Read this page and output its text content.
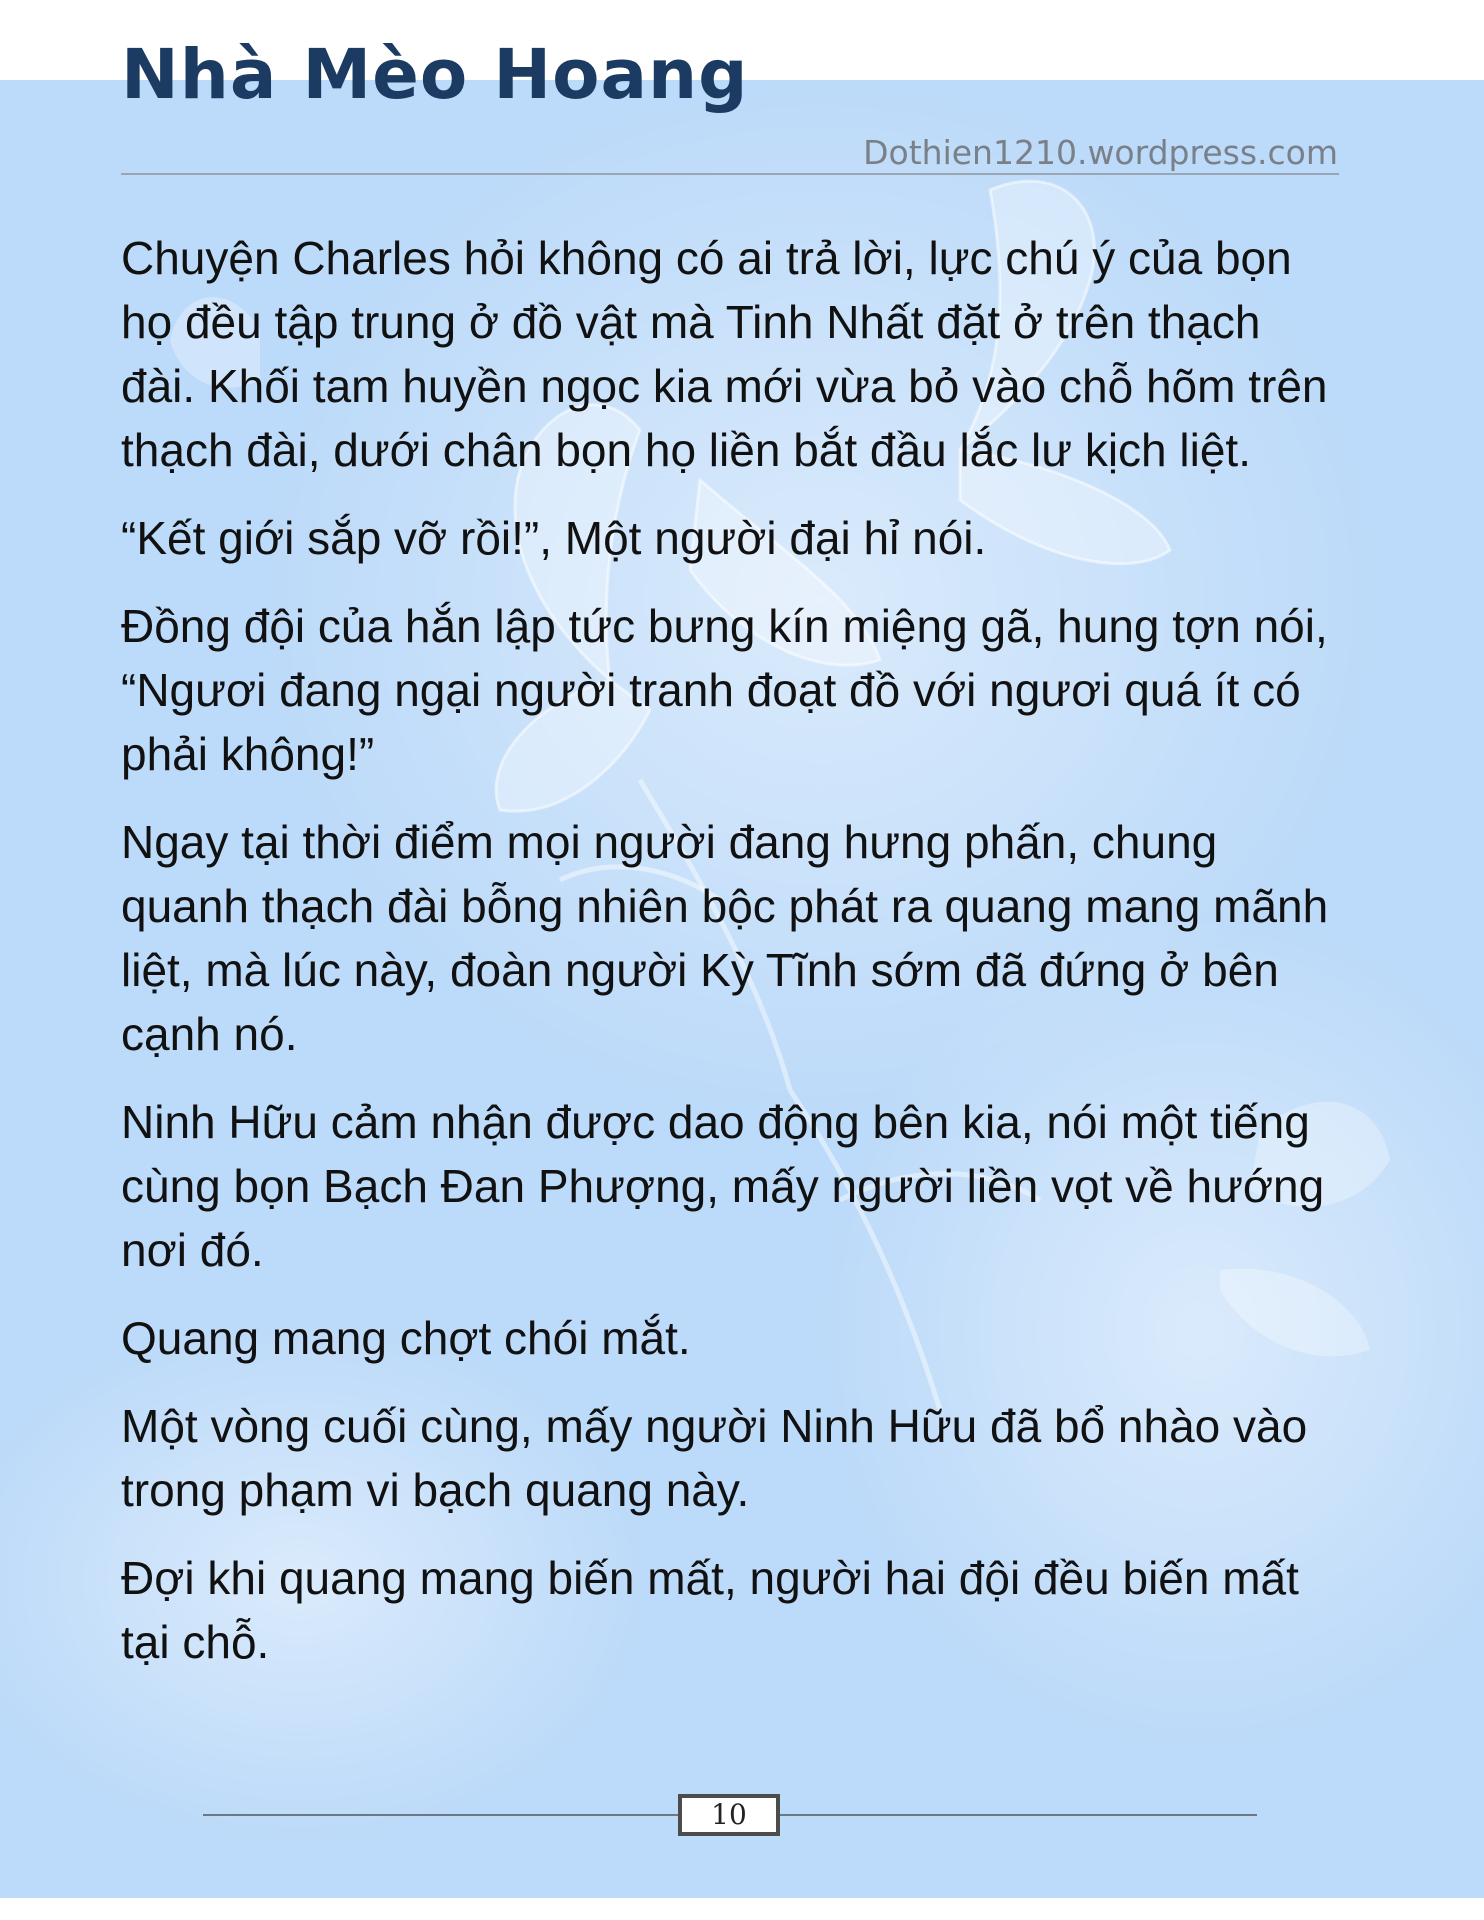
Nhà Mèo Hoang
Dothien1210.wordpress.com

Chuyện Charles hỏi không có ai trả lời, lực chú ý của bọn họ đều tập trung ở đồ vật mà Tinh Nhất đặt ở trên thạch đài. Khối tam huyền ngọc kia mới vừa bỏ vào chỗ hõm trên thạch đài, dưới chân bọn họ liền bắt đầu lắc lư kịch liệt.

“Kết giới sắp vỡ rồi!”, Một người đại hỉ nói.

Đồng đội của hắn lập tức bưng kín miệng gã, hung tợn nói, “Ngươi đang ngại người tranh đoạt đồ với ngươi quá ít có phải không!”

Ngay tại thời điểm mọi người đang hưng phấn, chung quanh thạch đài bỗng nhiên bộc phát ra quang mang mãnh liệt, mà lúc này, đoàn người Kỳ Tĩnh sớm đã đứng ở bên cạnh nó.

Ninh Hữu cảm nhận được dao động bên kia, nói một tiếng cùng bọn Bạch Đan Phượng, mấy người liền vọt về hướng nơi đó.

Quang mang chợt chói mắt.

Một vòng cuối cùng, mấy người Ninh Hữu đã bổ nhào vào trong phạm vi bạch quang này.

Đợi khi quang mang biến mất, người hai đội đều biến mất tại chỗ.

10
